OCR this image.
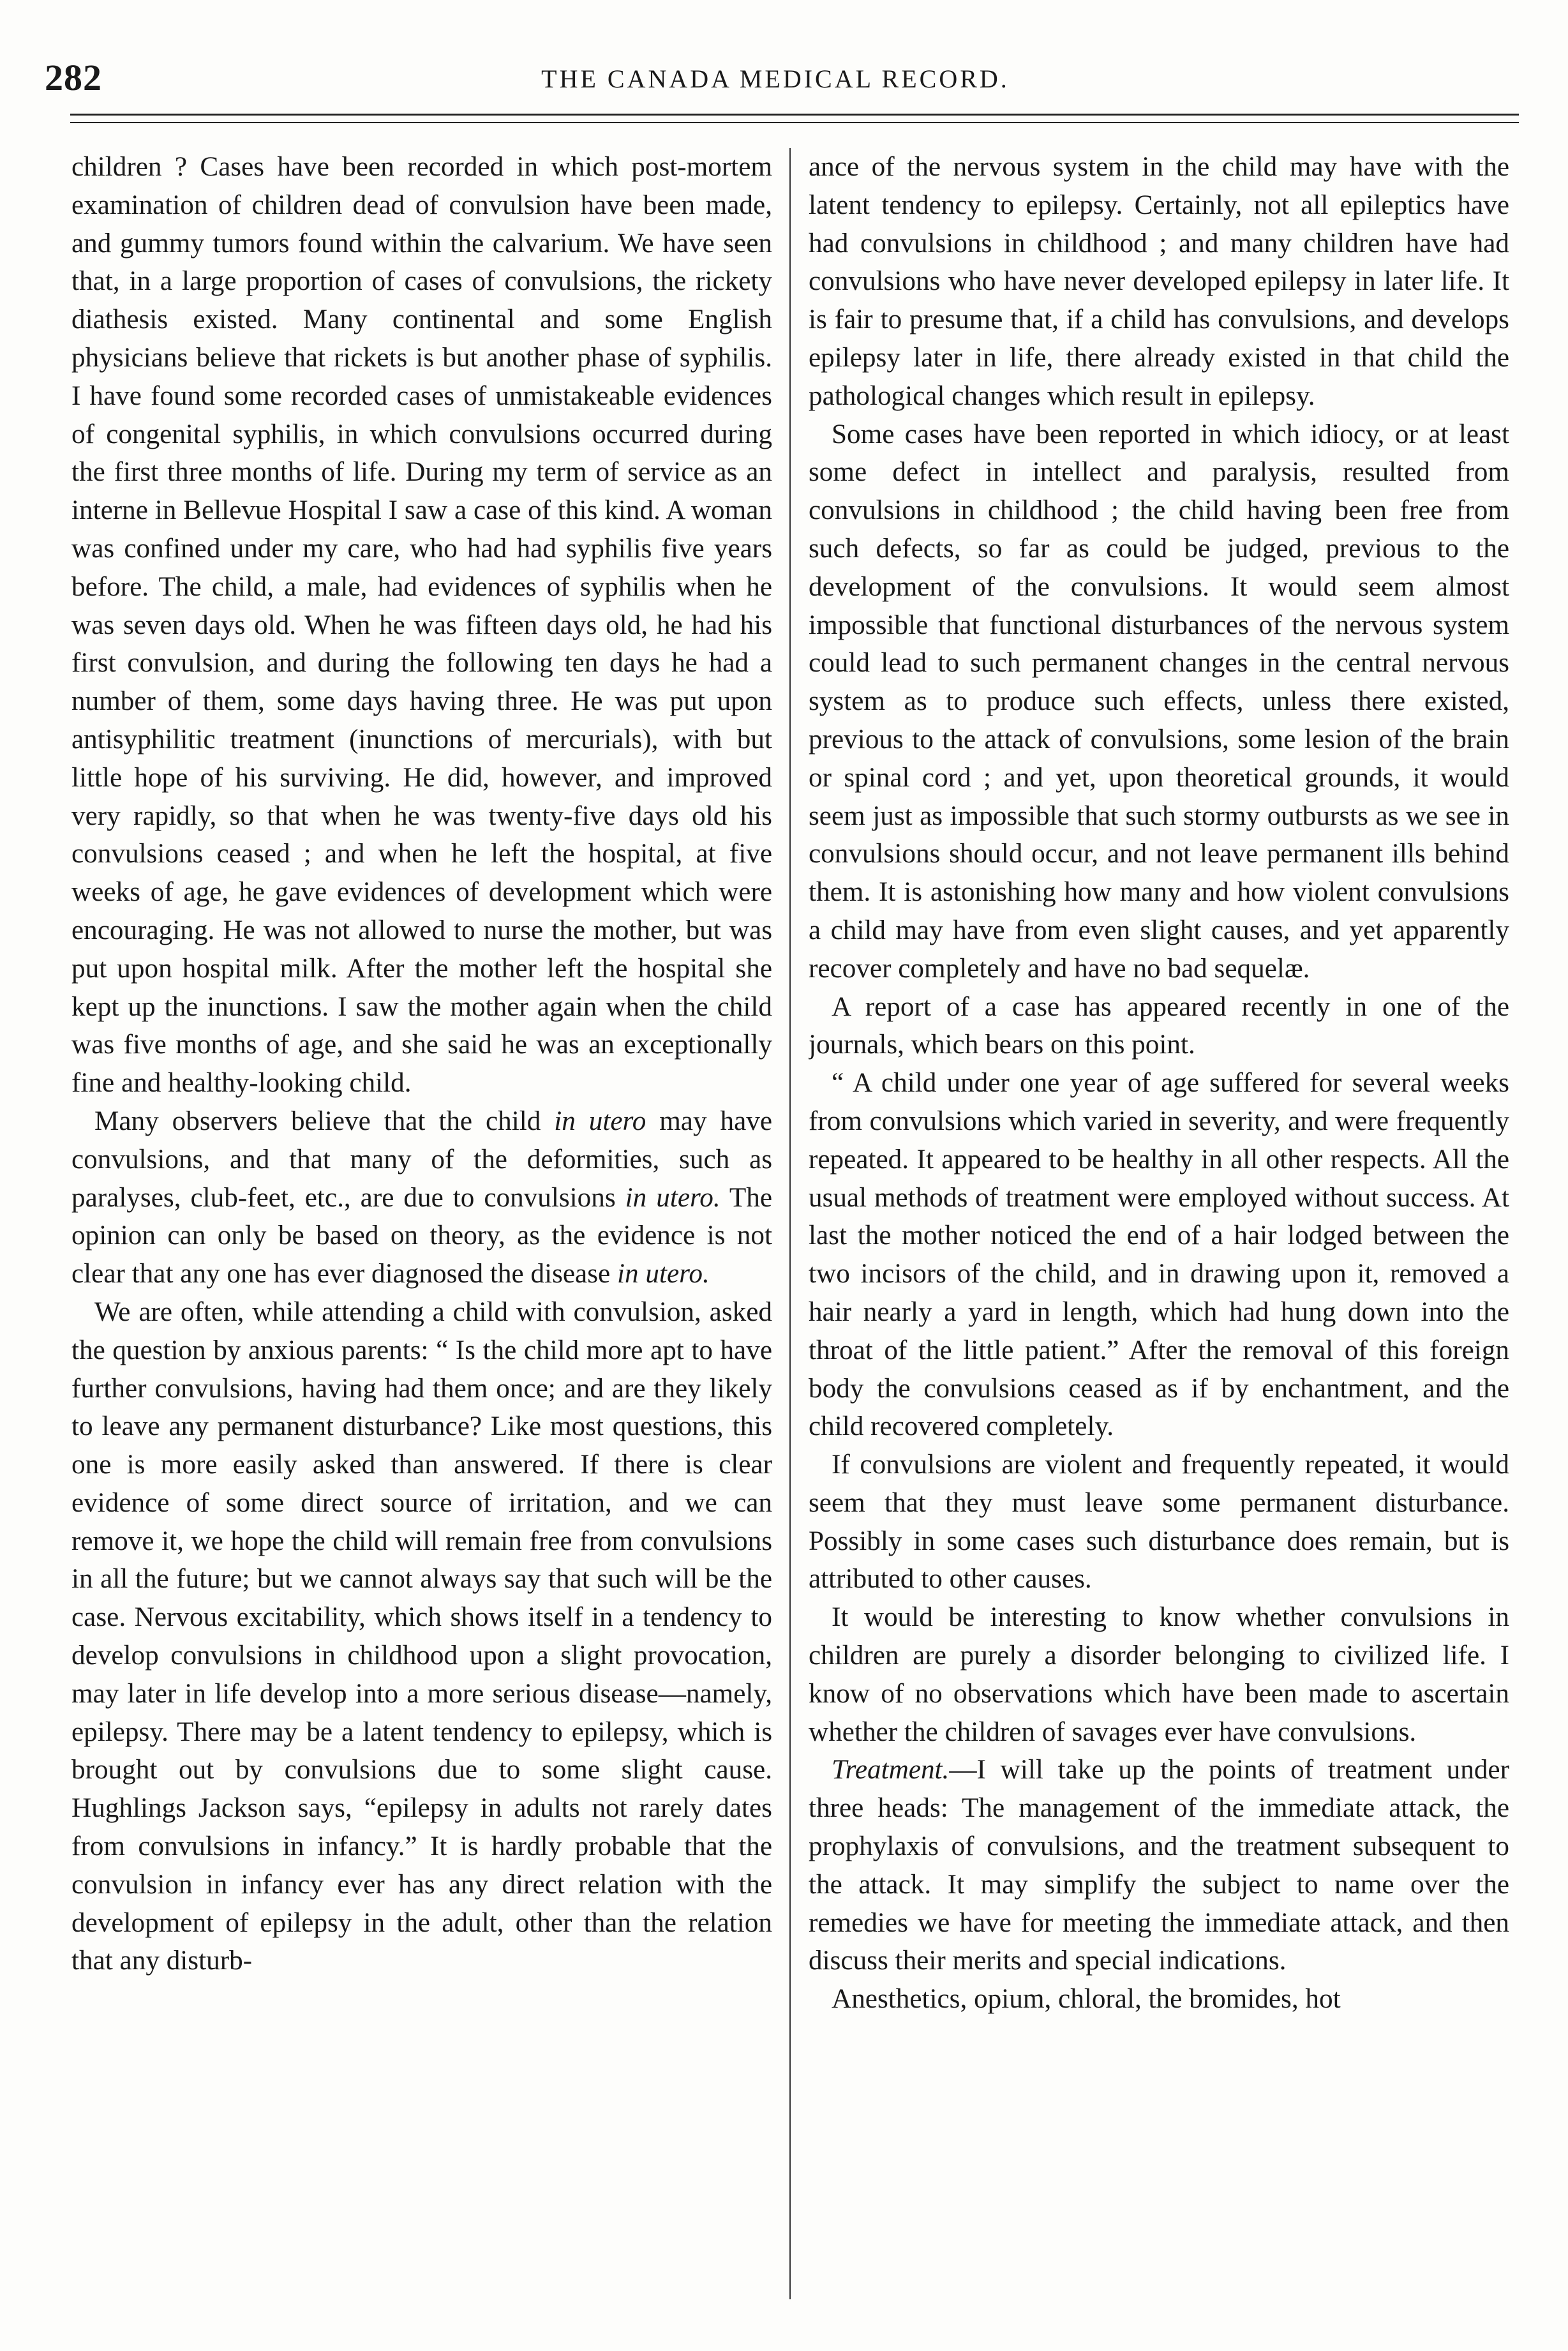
282	THE CANADA MEDICAL RECORD.

children ? Cases have been recorded in which post-mortem examination of children dead of convulsion have been made, and gummy tumors found within the calvarium. We have seen that, in a large proportion of cases of convulsions, the rickety diathesis existed. Many continental and some English physicians believe that rickets is but another phase of syphilis. I have found some recorded cases of unmistakeable evidences of congenital syphilis, in which convulsions occurred during the first three months of life. During my term of service as an interne in Bellevue Hospital I saw a case of this kind. A woman was confined under my care, who had had syphilis five years before. The child, a male, had evidences of syphilis when he was seven days old. When he was fifteen days old, he had his first convulsion, and during the following ten days he had a number of them, some days having three. He was put upon antisyphilitic treatment (inunctions of mercurials), with but little hope of his surviving. He did, however, and improved very rapidly, so that when he was twenty-five days old his convulsions ceased ; and when he left the hospital, at five weeks of age, he gave evidences of development which were encouraging. He was not allowed to nurse the mother, but was put upon hospital milk. After the mother left the hospital she kept up the inunctions. I saw the mother again when the child was five months of age, and she said he was an exceptionally fine and healthy-looking child.

Many observers believe that the child in utero may have convulsions, and that many of the deformities, such as paralyses, club-feet, etc., are due to convulsions in utero. The opinion can only be based on theory, as the evidence is not clear that any one has ever diagnosed the disease in utero.

We are often, while attending a child with convulsion, asked the question by anxious parents: “ Is the child more apt to have further convulsions, having had them once; and are they likely to leave any permanent disturbance? Like most questions, this one is more easily asked than answered. If there is clear evidence of some direct source of irritation, and we can remove it, we hope the child will remain free from convulsions in all the future; but we cannot always say that such will be the case. Nervous excitability, which shows itself in a tendency to develop convulsions in childhood upon a slight provocation, may later in life develop into a more serious disease—namely, epilepsy. There may be a latent tendency to epilepsy, which is brought out by convulsions due to some slight cause. Hughlings Jackson says, “epilepsy in adults not rarely dates from convulsions in infancy.” It is hardly probable that the convulsion in infancy ever has any direct relation with the development of epilepsy in the adult, other than the relation that any disturb-

ance of the nervous system in the child may have with the latent tendency to epilepsy. Certainly, not all epileptics have had convulsions in childhood ; and many children have had convulsions who have never developed epilepsy in later life. It is fair to presume that, if a child has convulsions, and develops epilepsy later in life, there already existed in that child the pathological changes which result in epilepsy.

Some cases have been reported in which idiocy, or at least some defect in intellect and paralysis, resulted from convulsions in childhood ; the child having been free from such defects, so far as could be judged, previous to the development of the convulsions. It would seem almost impossible that functional disturbances of the nervous system could lead to such permanent changes in the central nervous system as to produce such effects, unless there existed, previous to the attack of convulsions, some lesion of the brain or spinal cord ; and yet, upon theoretical grounds, it would seem just as impossible that such stormy outbursts as we see in convulsions should occur, and not leave permanent ills behind them. It is astonishing how many and how violent convulsions a child may have from even slight causes, and yet apparently recover completely and have no bad sequelæ.

A report of a case has appeared recently in one of the journals, which bears on this point.

“ A child under one year of age suffered for several weeks from convulsions which varied in severity, and were frequently repeated. It appeared to be healthy in all other respects. All the usual methods of treatment were employed without success. At last the mother noticed the end of a hair lodged between the two incisors of the child, and in drawing upon it, removed a hair nearly a yard in length, which had hung down into the throat of the little patient.” After the removal of this foreign body the convulsions ceased as if by enchantment, and the child recovered completely.

If convulsions are violent and frequently repeated, it would seem that they must leave some permanent disturbance. Possibly in some cases such disturbance does remain, but is attributed to other causes.

It would be interesting to know whether convulsions in children are purely a disorder belonging to civilized life. I know of no observations which have been made to ascertain whether the children of savages ever have convulsions.

Treatment.—I will take up the points of treatment under three heads: The management of the immediate attack, the prophylaxis of convulsions, and the treatment subsequent to the attack. It may simplify the subject to name over the remedies we have for meeting the immediate attack, and then discuss their merits and special indications.

Anesthetics, opium, chloral, the bromides, hot
